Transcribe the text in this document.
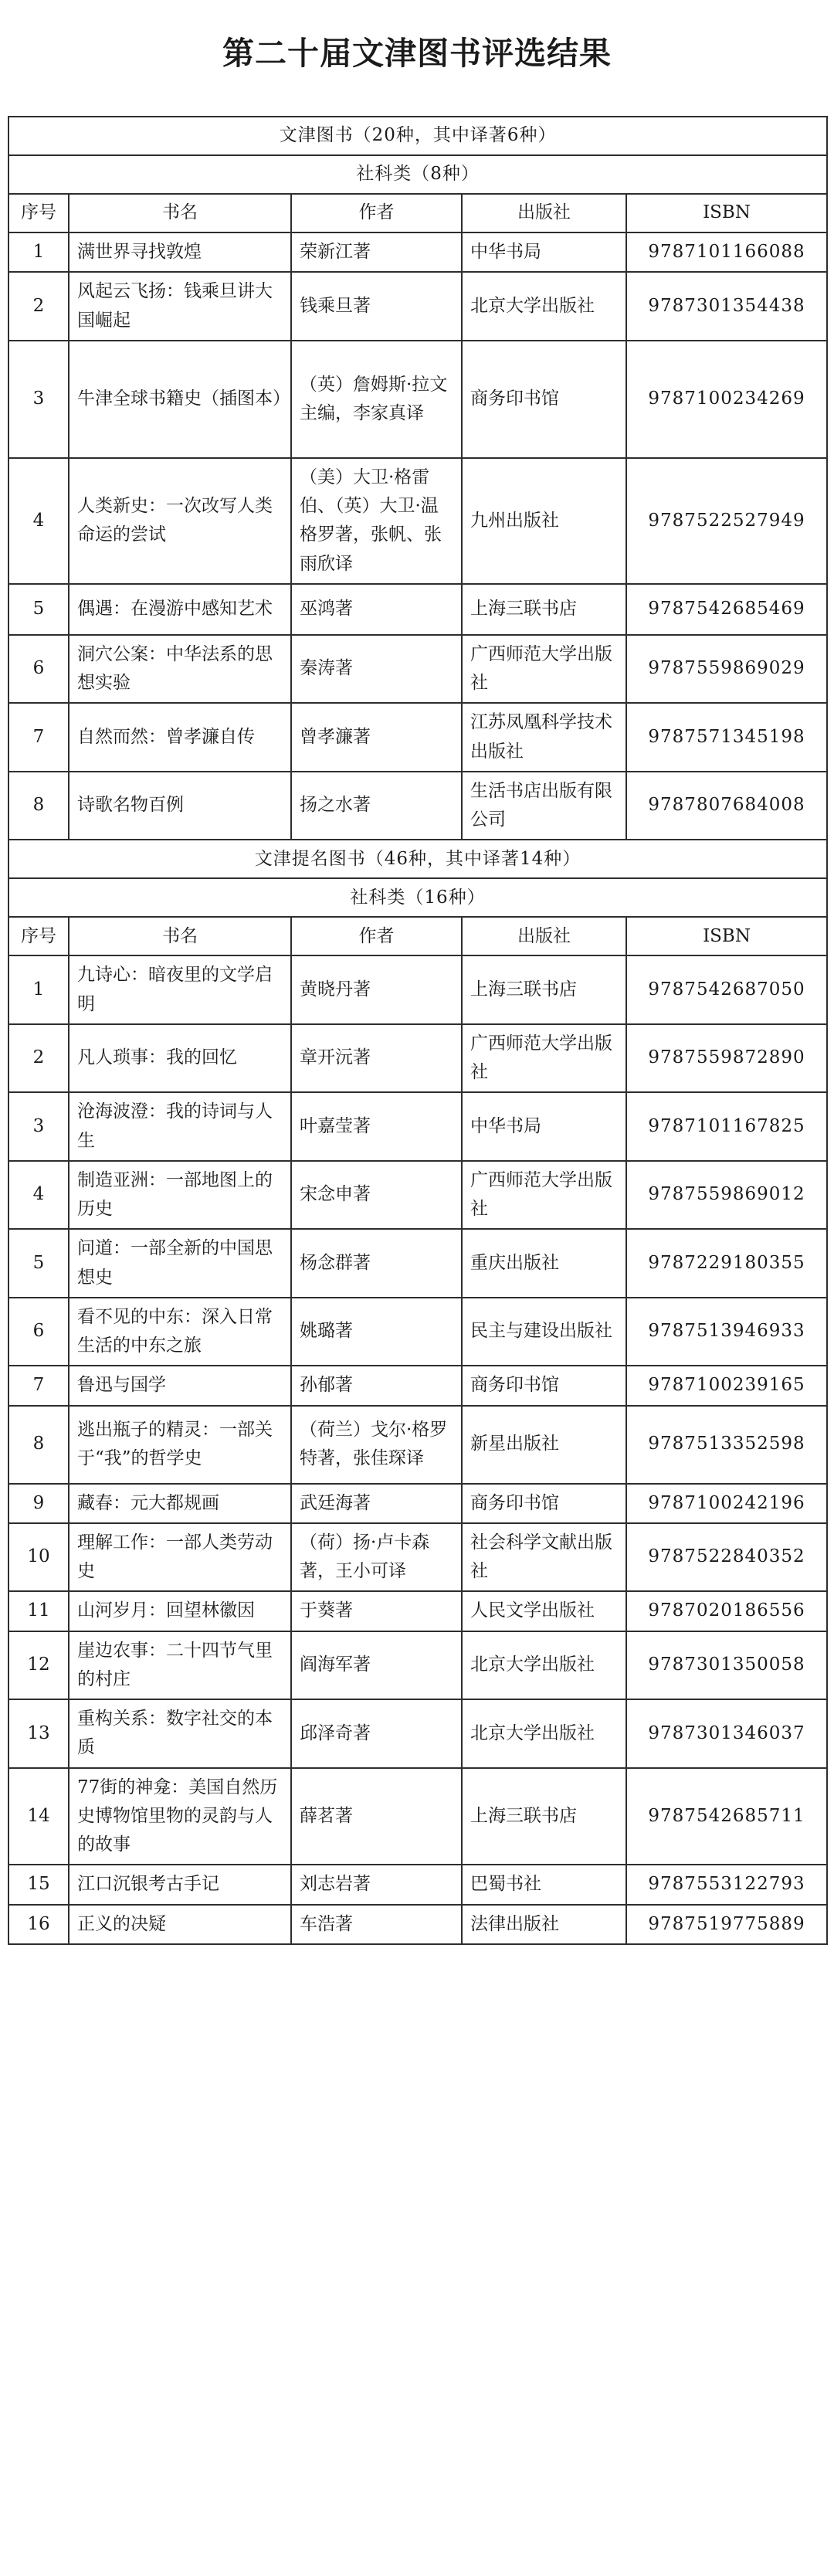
第二十届文津图书评选结果
文津图书（20种，其中译著6种）				
社科类（8种）				
序号	书名	作者	出版社	ISBN
1	满世界寻找敦煌	荣新江著	中华书局	9787101166088
2	风起云飞扬：钱乘旦讲大国崛起	钱乘旦著	北京大学出版社	9787301354438
3	牛津全球书籍史（插图本）	（英）詹姆斯·拉文主编，李家真译	商务印书馆	9787100234269
4	人类新史：一次改写人类命运的尝试	（美）大卫·格雷伯、（英）大卫·温格罗著，张帆、张雨欣译	九州出版社	9787522527949
5	偶遇：在漫游中感知艺术	巫鸿著	上海三联书店	9787542685469
6	洞穴公案：中华法系的思想实验	秦涛著	广西师范大学出版社	9787559869029
7	自然而然：曾孝濂自传	曾孝濂著	江苏凤凰科学技术出版社	9787571345198
8	诗歌名物百例	扬之水著	生活书店出版有限公司	9787807684008
文津提名图书（46种，其中译著14种）				
社科类（16种）				
序号	书名	作者	出版社	ISBN
1	九诗心：暗夜里的文学启明	黄晓丹著	上海三联书店	9787542687050
2	凡人琐事：我的回忆	章开沅著	广西师范大学出版社	9787559872890
3	沧海波澄：我的诗词与人生	叶嘉莹著	中华书局	9787101167825
4	制造亚洲：一部地图上的历史	宋念申著	广西师范大学出版社	9787559869012
5	问道：一部全新的中国思想史	杨念群著	重庆出版社	9787229180355
6	看不见的中东：深入日常生活的中东之旅	姚璐著	民主与建设出版社	9787513946933
7	鲁迅与国学	孙郁著	商务印书馆	9787100239165
8	逃出瓶子的精灵：一部关于“我”的哲学史	（荷兰）戈尔·格罗特著，张佳琛译	新星出版社	9787513352598
9	藏春：元大都规画	武廷海著	商务印书馆	9787100242196
10	理解工作：一部人类劳动史	（荷）扬·卢卡森著，王小可译	社会科学文献出版社	9787522840352
11	山河岁月：回望林徽因	于葵著	人民文学出版社	9787020186556
12	崖边农事：二十四节气里的村庄	阎海军著	北京大学出版社	9787301350058
13	重构关系：数字社交的本质	邱泽奇著	北京大学出版社	9787301346037
14	77街的神龛：美国自然历史博物馆里物的灵韵与人的故事	薛茗著	上海三联书店	9787542685711
15	江口沉银考古手记	刘志岩著	巴蜀书社	9787553122793
16	正义的决疑	车浩著	法律出版社	9787519775889
